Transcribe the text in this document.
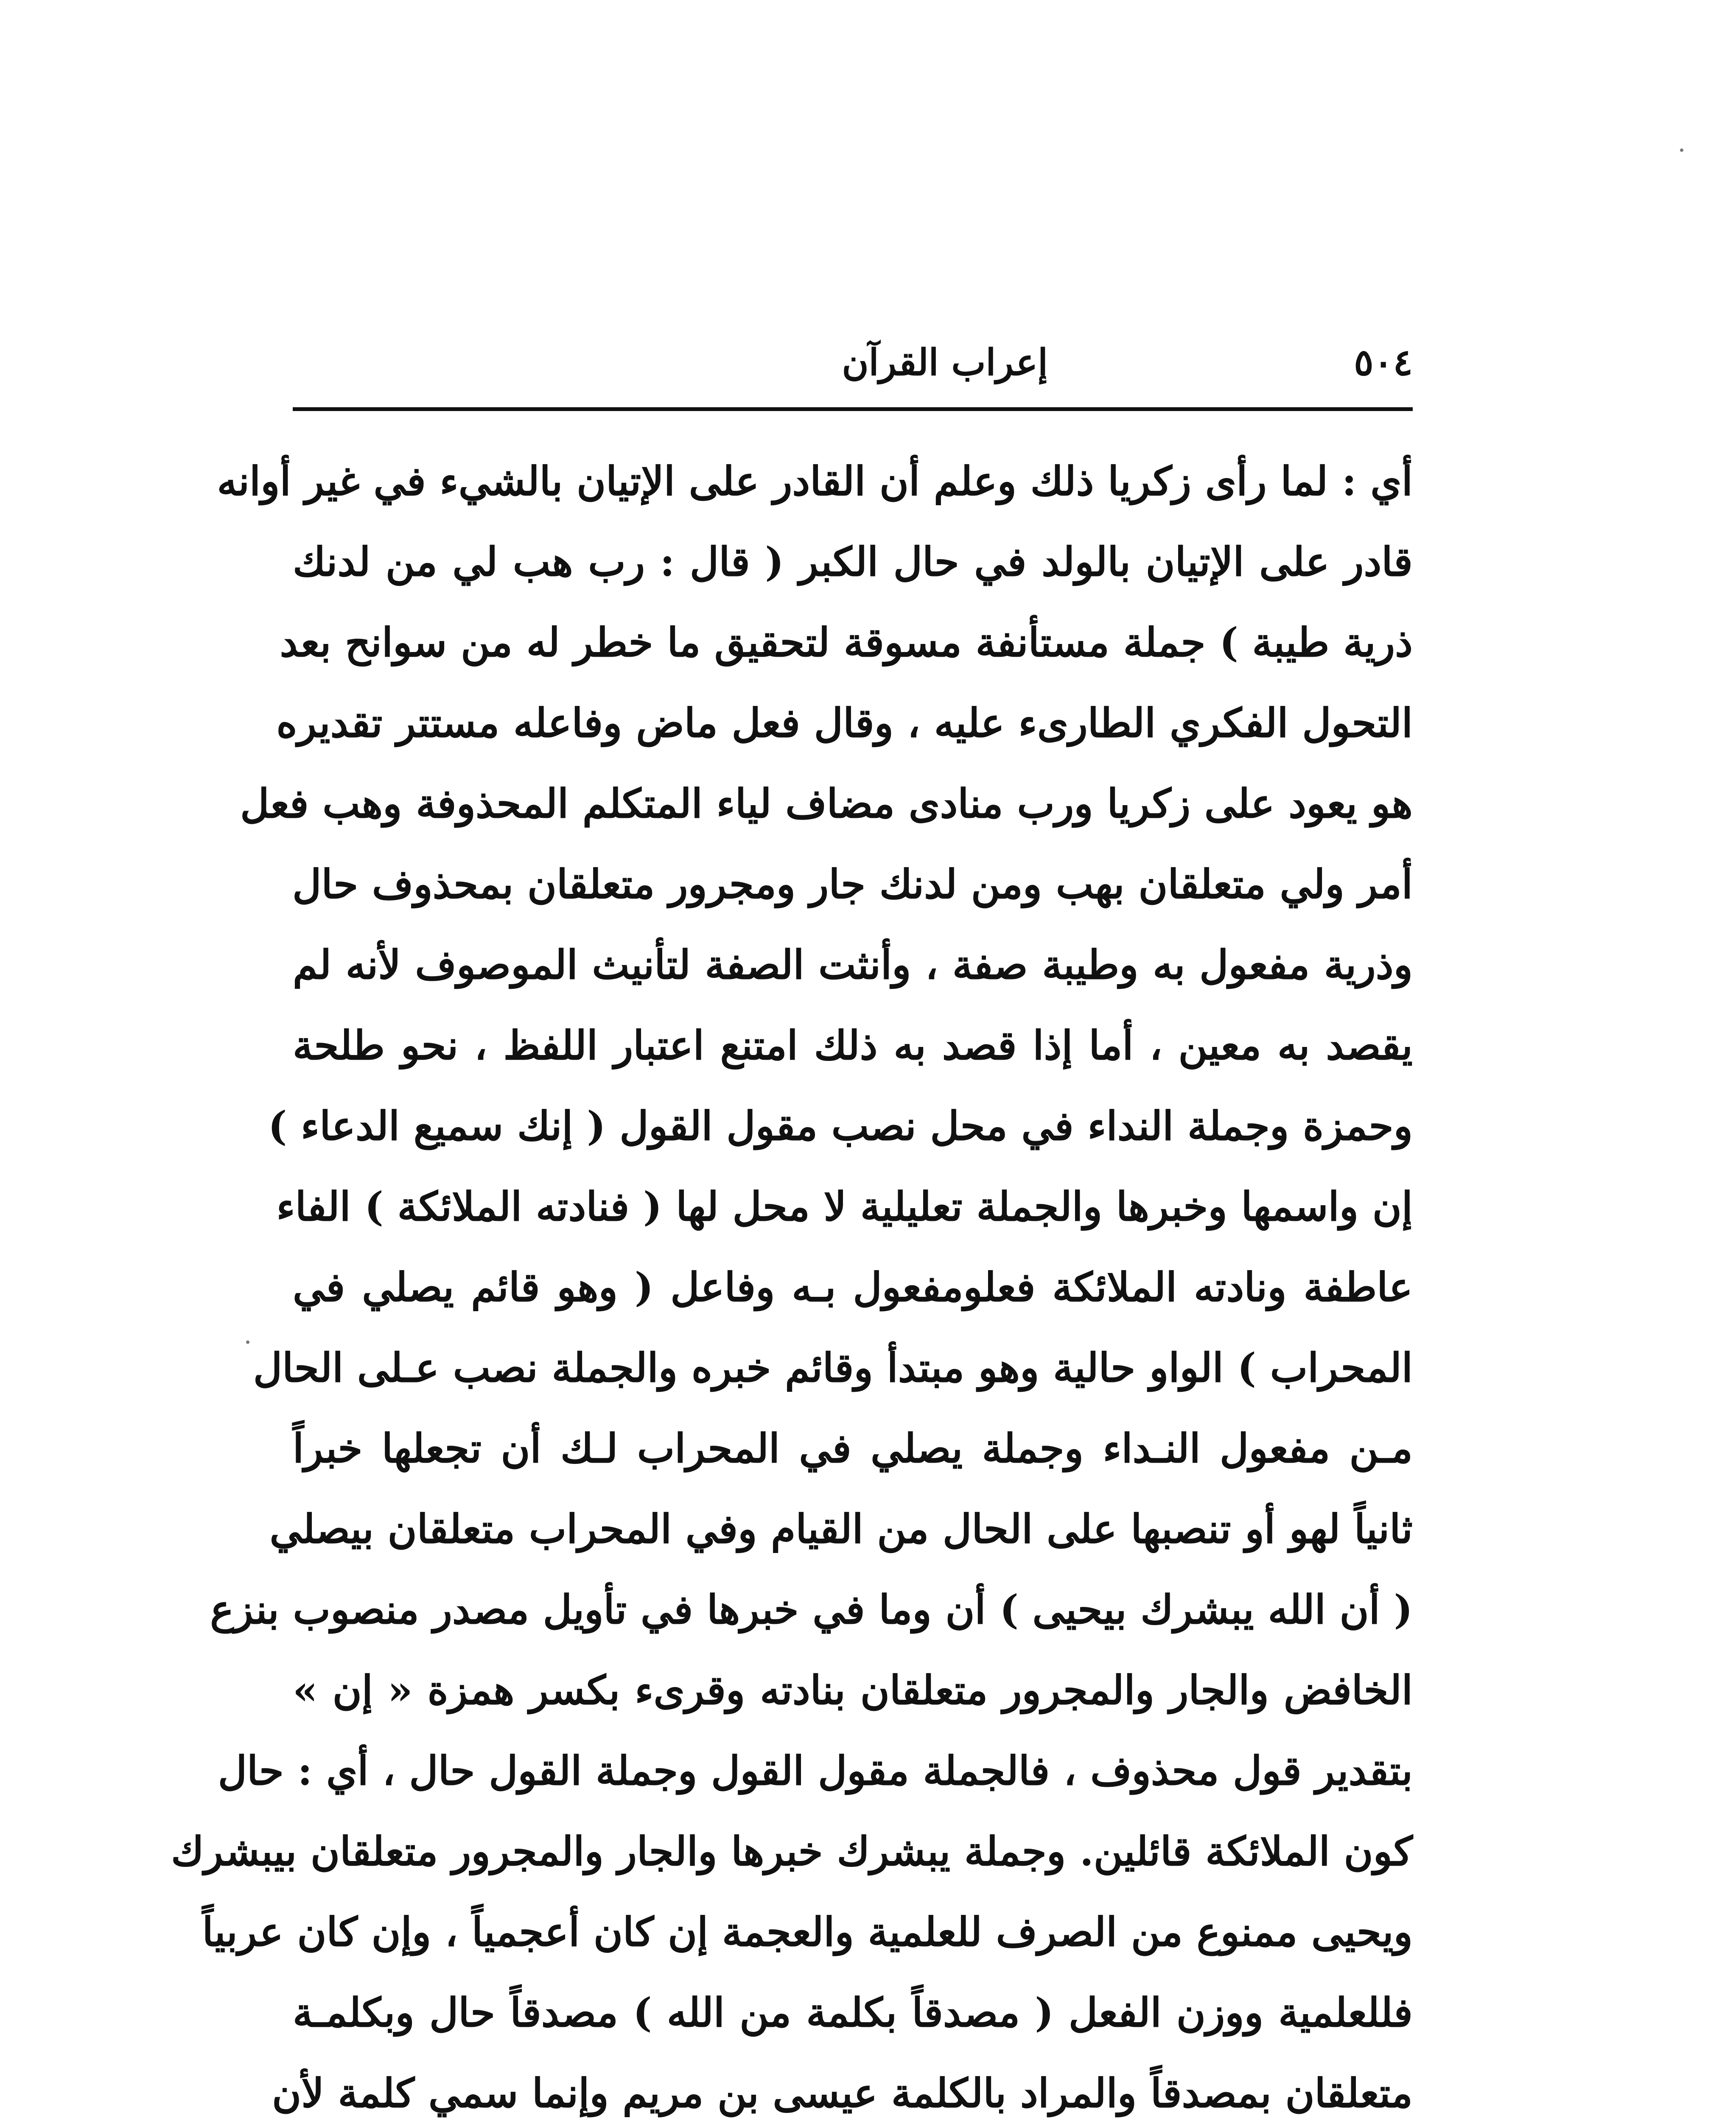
٥٠٤
إعراب القرآن
أي : لما رأى زكريا ذلك وعلم أن القادر على الإتيان بالشيء في غير أوانه
قادر على الإتيان بالولد في حال الكبر ( قال : رب هب لي من لدنك
ذرية طيبة ) جملة مستأنفة مسوقة لتحقيق ما خطر له من سوانح بعد
التحول الفكري الطارىء عليه ، وقال فعل ماض وفاعله مستتر تقديره
هو يعود على زكريا ورب منادى مضاف لياء المتكلم المحذوفة وهب فعل
أمر ولي متعلقان بهب ومن لدنك جار ومجرور متعلقان بمحذوف حال
وذرية مفعول به وطيبة صفة ، وأنثت الصفة لتأنيث الموصوف لأنه لم
يقصد به معين ، أما إذا قصد به ذلك امتنع اعتبار اللفظ ، نحو طلحة
وحمزة وجملة النداء في محل نصب مقول القول ( إنك سميع الدعاء )
إن واسمها وخبرها والجملة تعليلية لا محل لها ( فنادته الملائكة ) الفاء
عاطفة ونادته الملائكة فعلومفعول بـه وفاعل ( وهو قائم يصلي في
المحراب ) الواو حالية وهو مبتدأ وقائم خبره والجملة نصب عـلى الحال
مـن مفعول النـداء وجملة يصلي في المحراب لـك أن تجعلها خبراً
ثانياً لهو أو تنصبها على الحال من القيام وفي المحراب متعلقان بيصلي
( أن الله يبشرك بيحيى ) أن وما في خبرها في تأويل مصدر منصوب بنزع
الخافض والجار والمجرور متعلقان بنادته وقرىء بكسر همزة « إن »
بتقدير قول محذوف ، فالجملة مقول القول وجملة القول حال ، أي : حال
كون الملائكة قائلين. وجملة يبشرك خبرها والجار والمجرور متعلقان بيبشرك
ويحيى ممنوع من الصرف للعلمية والعجمة إن كان أعجمياً ، وإن كان عربياً
فللعلمية ووزن الفعل ( مصدقاً بكلمة من الله ) مصدقاً حال وبكلمـة
متعلقان بمصدقاً والمراد بالكلمة عيسى بن مريم وإنما سمي كلمة لأن
